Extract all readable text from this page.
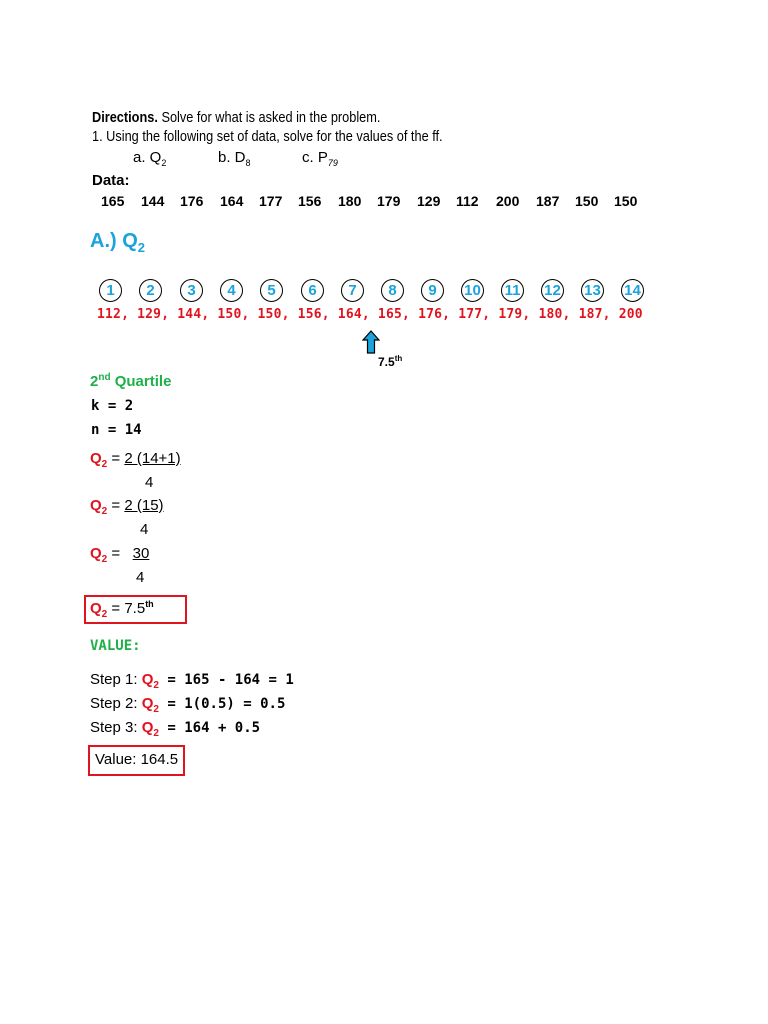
Directions. Solve for what is asked in the problem.
1. Using the following set of data, solve for the values of the ff.
a. $Q_2$	b. $D_8$	c. $P_{79}$
Data:
165 144 176 164 177 156 180 179 129 112 200 187 150 150
A.) $Q_2$
1	2	3	4	5	6	7	8	9	10 11 12 13 14
112, 129, 144, 150, 150, 156, 164, 165, 176, 177, 179, 180, 187, 200
7.5th
2nd Quartile
k = 2
n = 14
$Q_2 = 2$ (14+1)
4
$Q_2 = 2$ (15)
4
$Q_2 = 30$
4
$Q_2 = 7.5th$
VALUE:
Step 1: $Q_2 = 165 - 164 = 1$
Step 2: $Q_2 = 1(0.5) = 0.5$
Step 3: $Q_2 = 164 + 0.5$
Value: 164.5
